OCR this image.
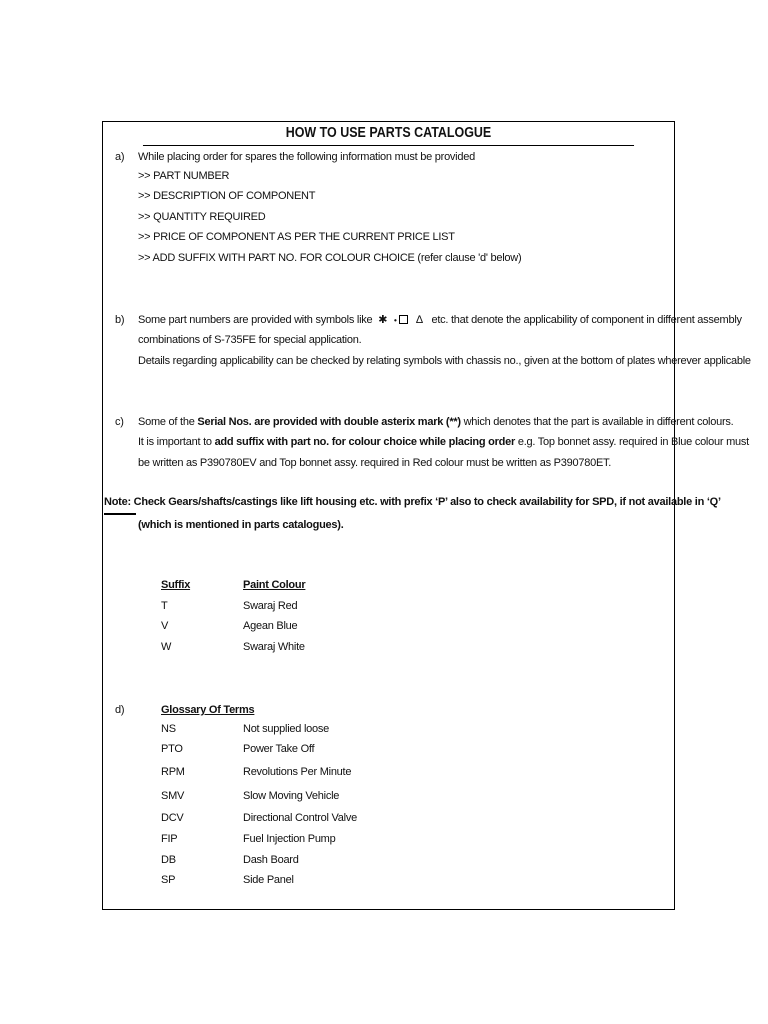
HOW TO USE PARTS CATALOGUE
a) While placing order for spares the following information must be provided
>> PART NUMBER
>> DESCRIPTION OF COMPONENT
>> QUANTITY REQUIRED
>> PRICE OF COMPONENT AS PER THE CURRENT PRICE LIST
>> ADD SUFFIX WITH PART NO. FOR COLOUR CHOICE (refer clause 'd' below)
b) Some part numbers are provided with symbols like ✱ • ∆ etc. that denote the applicability of component in different assembly
combinations of S-735FE for special application.
Details regarding applicability can be checked by relating symbols with chassis no., given at the bottom of plates wherever applicable
c) Some of the Serial Nos. are provided with double asterix mark (**) which denotes that the part is available in different colours.
It is important to add suffix with part no. for colour choice while placing order e.g. Top bonnet assy. required in Blue colour must
be written as P390780EV and Top bonnet assy. required in Red colour must be written as P390780ET.
Note: Check Gears/shafts/castings like lift housing etc. with prefix ‘P’ also to check availability for SPD, if not available in ‘Q’
(which is mentioned in parts catalogues).
Suffix	Paint Colour
T	Swaraj Red
V	Agean Blue
W	Swaraj White
d)	Glossary Of Terms
NS	Not supplied loose
PTO	Power Take Off
RPM	Revolutions Per Minute
SMV	Slow Moving Vehicle
DCV	Directional Control Valve
FIP	Fuel Injection Pump
DB	Dash Board
SP	Side Panel
